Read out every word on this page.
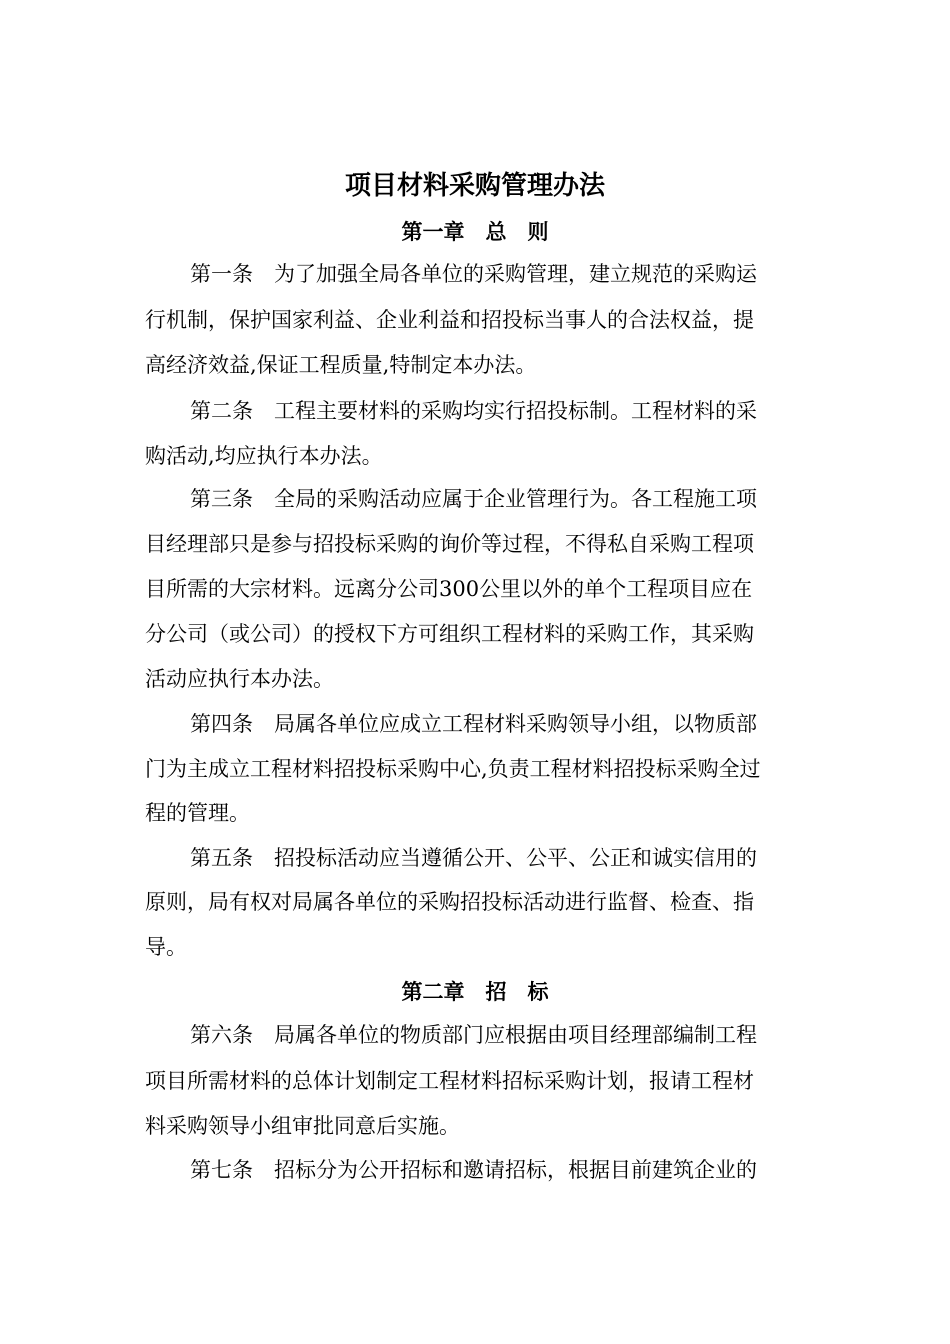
项目材料采购管理办法

第一章　总　则

第一条　为了加强全局各单位的采购管理，建立规范的采购运

行机制，保护国家利益、企业利益和招投标当事人的合法权益，提

高经济效益,保证工程质量,特制定本办法。

第二条　工程主要材料的采购均实行招投标制。工程材料的采

购活动,均应执行本办法。

第三条　全局的采购活动应属于企业管理行为。各工程施工项

目经理部只是参与招投标采购的询价等过程，不得私自采购工程项

目所需的大宗材料。远离分公司300公里以外的单个工程项目应在

分公司（或公司）的授权下方可组织工程材料的采购工作，其采购

活动应执行本办法。

第四条　局属各单位应成立工程材料采购领导小组，以物质部

门为主成立工程材料招投标采购中心,负责工程材料招投标采购全过

程的管理。

第五条　招投标活动应当遵循公开、公平、公正和诚实信用的

原则，局有权对局属各单位的采购招投标活动进行监督、检查、指

导。

第二章　招　标

第六条　局属各单位的物质部门应根据由项目经理部编制工程

项目所需材料的总体计划制定工程材料招标采购计划，报请工程材

料采购领导小组审批同意后实施。

第七条　招标分为公开招标和邀请招标，根据目前建筑企业的
